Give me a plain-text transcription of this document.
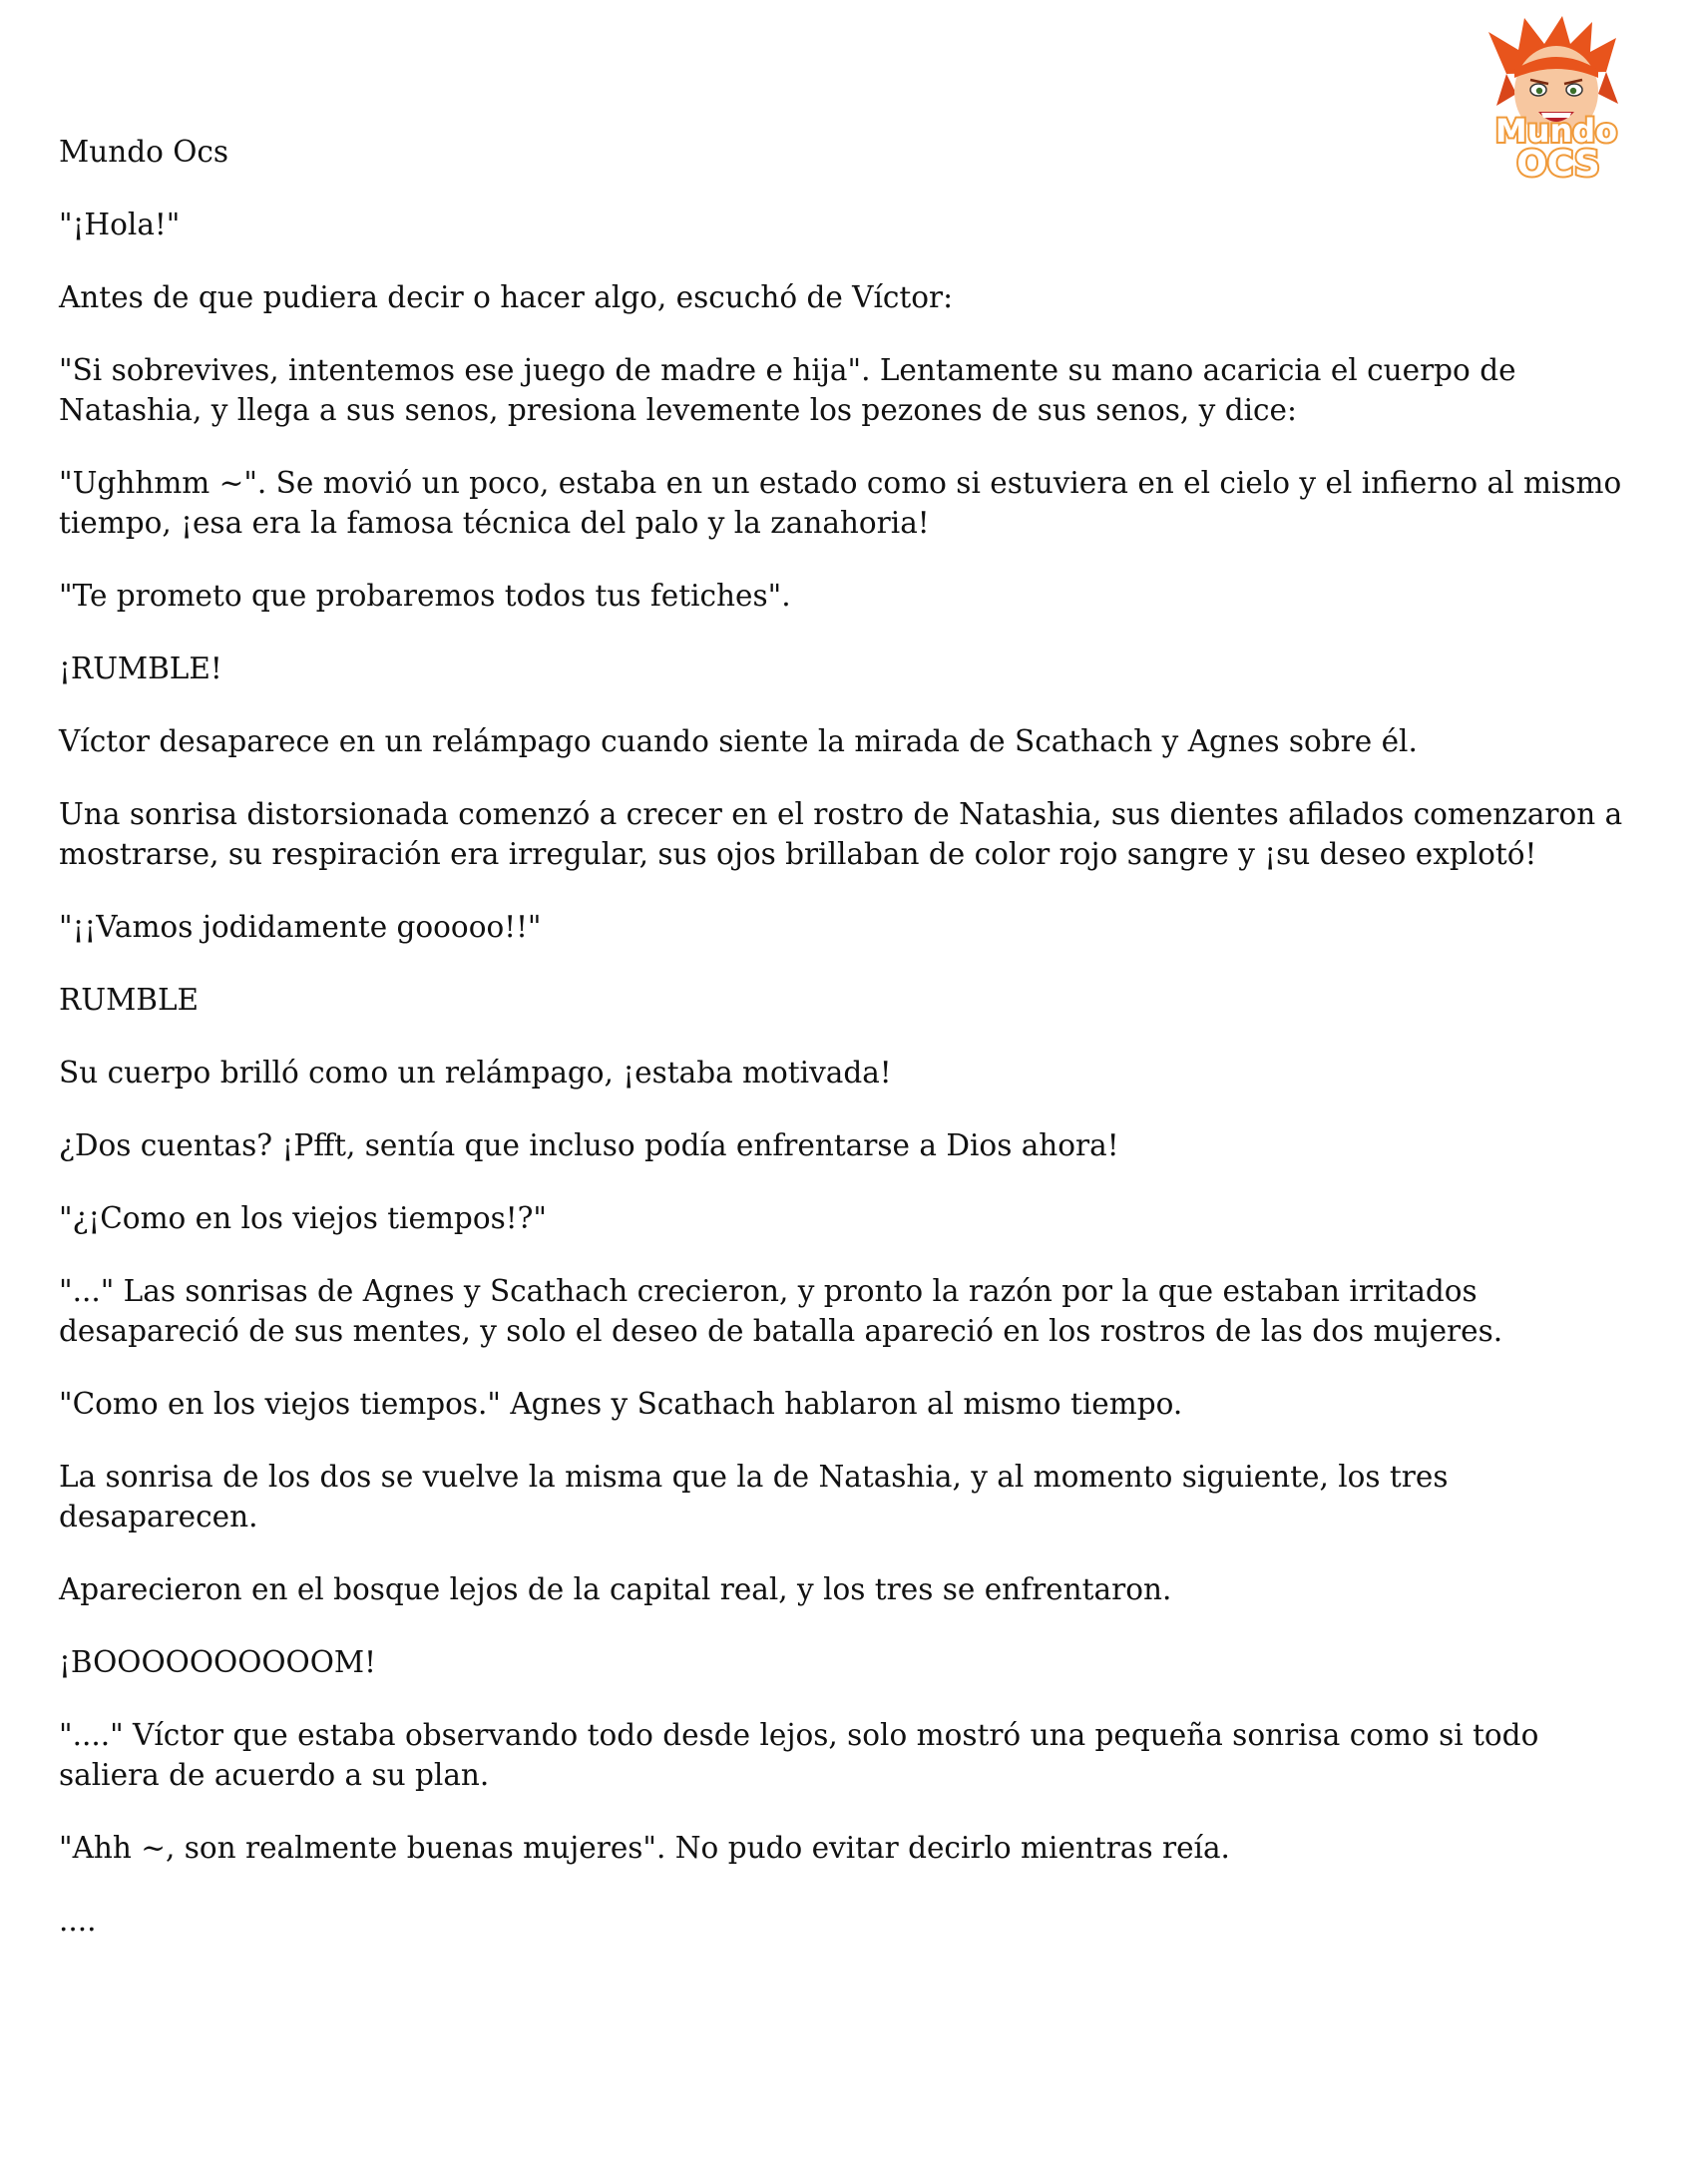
Mundo
OCS

Mundo Ocs

"¡Hola!"

Antes de que pudiera decir o hacer algo, escuchó de Víctor:

"Si sobrevives, intentemos ese juego de madre e hija". Lentamente su mano acaricia el cuerpo de Natashia, y llega a sus senos, presiona levemente los pezones de sus senos, y dice:

"Ughhmm ~". Se movió un poco, estaba en un estado como si estuviera en el cielo y el infierno al mismo tiempo, ¡esa era la famosa técnica del palo y la zanahoria!

"Te prometo que probaremos todos tus fetiches".

¡RUMBLE!

Víctor desaparece en un relámpago cuando siente la mirada de Scathach y Agnes sobre él.

Una sonrisa distorsionada comenzó a crecer en el rostro de Natashia, sus dientes afilados comenzaron a mostrarse, su respiración era irregular, sus ojos brillaban de color rojo sangre y ¡su deseo explotó!

"¡¡Vamos jodidamente gooooo!!"

RUMBLE

Su cuerpo brilló como un relámpago, ¡estaba motivada!

¿Dos cuentas? ¡Pfft, sentía que incluso podía enfrentarse a Dios ahora!

"¿¡Como en los viejos tiempos!?"

"..." Las sonrisas de Agnes y Scathach crecieron, y pronto la razón por la que estaban irritados desapareció de sus mentes, y solo el deseo de batalla apareció en los rostros de las dos mujeres.

"Como en los viejos tiempos." Agnes y Scathach hablaron al mismo tiempo.

La sonrisa de los dos se vuelve la misma que la de Natashia, y al momento siguiente, los tres desaparecen.

Aparecieron en el bosque lejos de la capital real, y los tres se enfrentaron.

¡BOOOOOOOOOOM!

"...." Víctor que estaba observando todo desde lejos, solo mostró una pequeña sonrisa como si todo saliera de acuerdo a su plan.

"Ahh ~, son realmente buenas mujeres". No pudo evitar decirlo mientras reía.

....
